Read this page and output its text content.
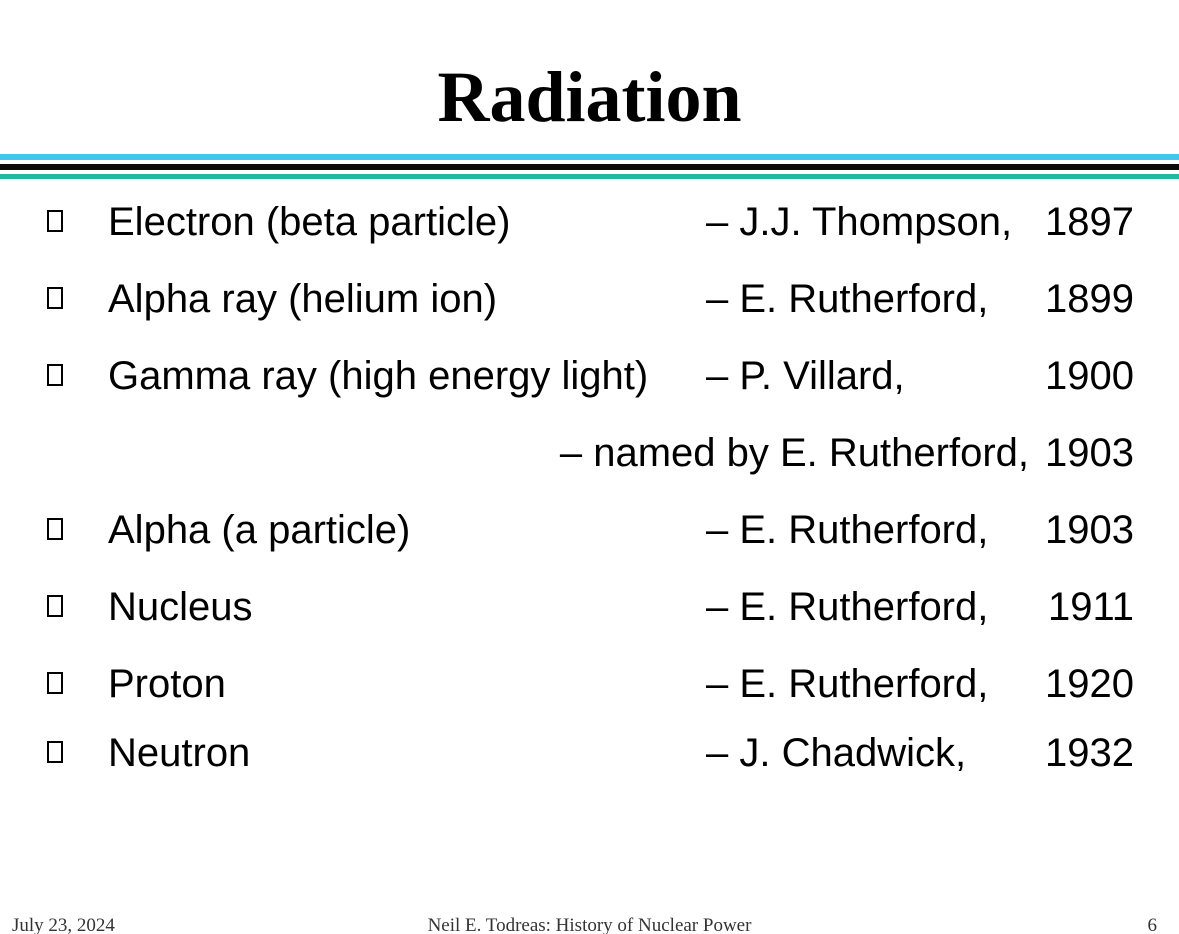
Radiation
Electron (beta particle)	– J.J. Thompson, 1897
Alpha ray (helium ion)	– E. Rutherford, 1899
Gamma ray (high energy light) – P. Villard,	1900
– named by E. Rutherford, 1903
Alpha (a particle)	– E. Rutherford, 1903
Nucleus	– E. Rutherford, 1911
Proton	– E. Rutherford, 1920
Neutron	– J. Chadwick, 1932
July 23, 2024	Neil E. Todreas: History of Nuclear Power	6
